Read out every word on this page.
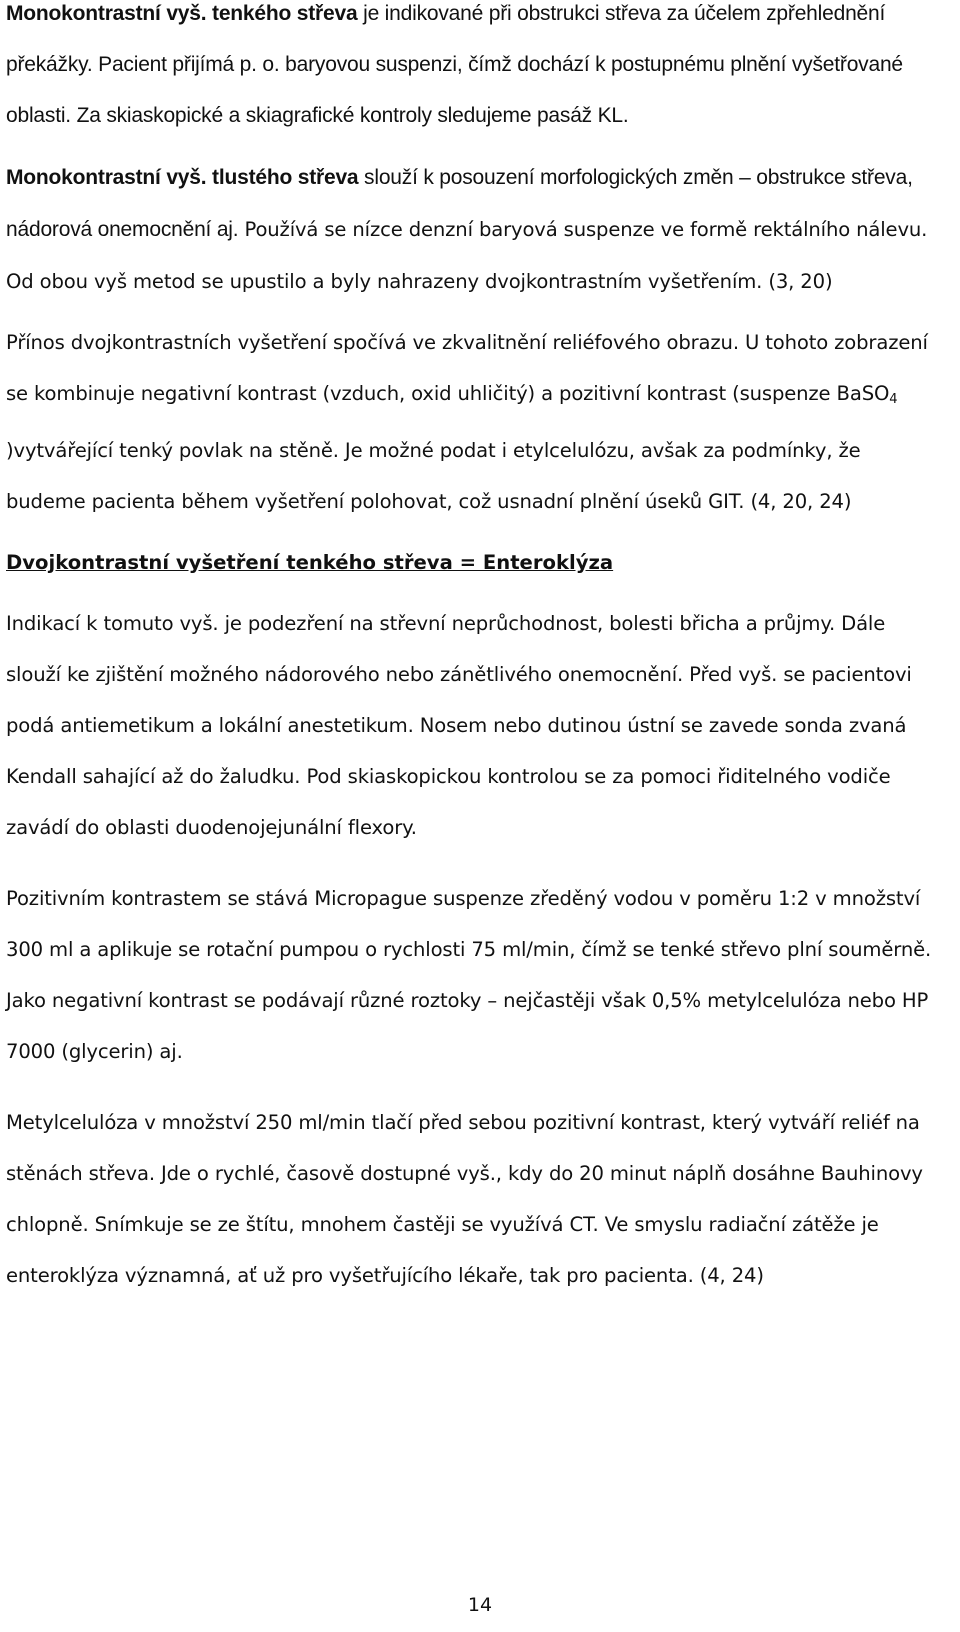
Monokontrastní vyš. tenkého střeva je indikované při obstrukci střeva za účelem zpřehlednění překážky. Pacient přijímá p. o. baryovou suspenzi, čímž dochází k postupnému plnění vyšetřované oblasti. Za skiaskopické a skiagrafické kontroly sledujeme pasáž KL.

Monokontrastní vyš. tlustého střeva slouží k posouzení morfologických změn – obstrukce střeva, nádorová onemocnění aj. Používá se nízce denzní baryová suspenze ve formě rektálního nálevu. Od obou vyš metod se upustilo a byly nahrazeny dvojkontrastním vyšetřením. (3, 20)

Přínos dvojkontrastních vyšetření spočívá ve zkvalitnění reliéfového obrazu. U tohoto zobrazení se kombinuje negativní kontrast (vzduch, oxid uhličitý) a pozitivní kontrast (suspenze BaSO$_4$ )vytvářející tenký povlak na stěně. Je možné podat i etylcelulózu, avšak za podmínky, že budeme pacienta během vyšetření polohovat, což usnadní plnění úseků GIT. (4, 20, 24)

Dvojkontrastní vyšetření tenkého střeva = Enteroklýza

Indikací k tomuto vyš. je podezření na střevní neprůchodnost, bolesti břicha a průjmy. Dále slouží ke zjištění možného nádorového nebo zánětlivého onemocnění. Před vyš. se pacientovi podá antiemetikum a lokální anestetikum. Nosem nebo dutinou ústní se zavede sonda zvaná Kendall sahající až do žaludku. Pod skiaskopickou kontrolou se za pomoci řiditelného vodiče zavádí do oblasti duodenojejunální flexory.

Pozitivním kontrastem se stává Micropague suspenze zředěný vodou v poměru 1:2 v množství 300 ml a aplikuje se rotační pumpou o rychlosti 75 ml/min, čímž se tenké střevo plní souměrně. Jako negativní kontrast se podávají různé roztoky – nejčastěji však 0,5% metylcelulóza nebo HP 7000 (glycerin) aj.

Metylcelulóza v množství 250 ml/min tlačí před sebou pozitivní kontrast, který vytváří reliéf na stěnách střeva. Jde o rychlé, časově dostupné vyš., kdy do 20 minut náplň dosáhne Bauhinovy chlopně. Snímkuje se ze štítu, mnohem častěji se využívá CT. Ve smyslu radiační zátěže je enteroklýza významná, ať už pro vyšetřujícího lékaře, tak pro pacienta. (4, 24)

14
